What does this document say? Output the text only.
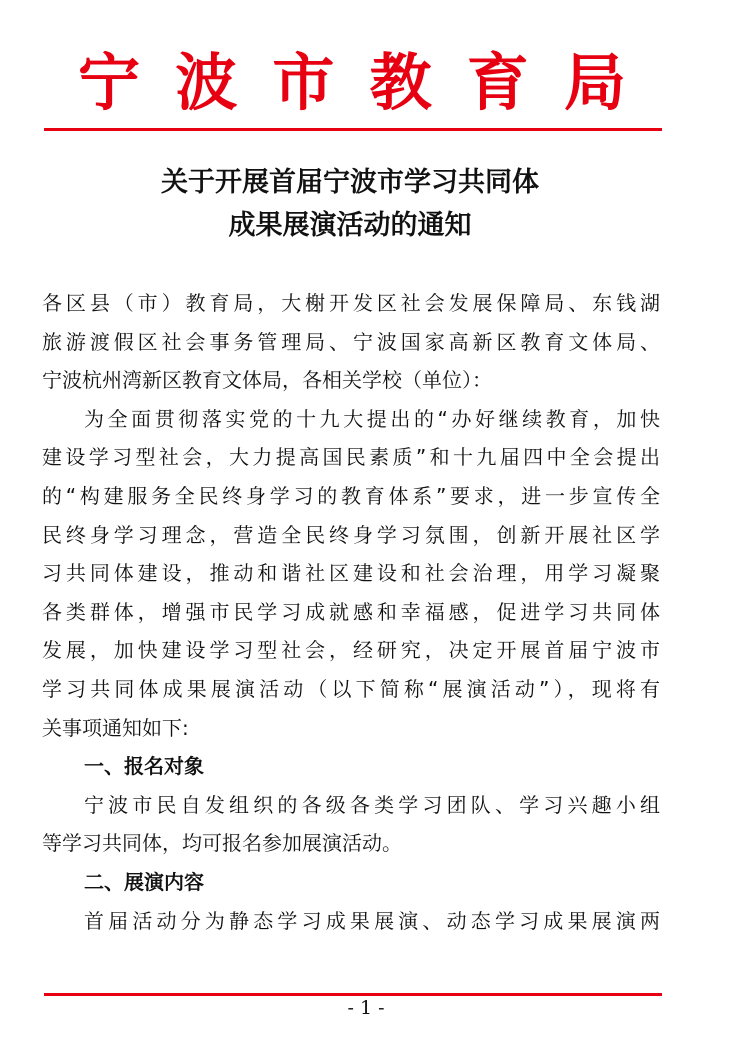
宁 波 市 教 育 局
关于开展首届宁波市学习共同体
成果展演活动的通知
各区县（市）教育局，大榭开发区社会发展保障局、东钱湖
旅游渡假区社会事务管理局、宁波国家高新区教育文体局、
宁波杭州湾新区教育文体局，各相关学校（单位）：
为全面贯彻落实党的十九大提出的“办好继续教育，加快
建设学习型社会，大力提高国民素质”和十九届四中全会提出
的“构建服务全民终身学习的教育体系”要求，进一步宣传全
民终身学习理念，营造全民终身学习氛围，创新开展社区学
习共同体建设，推动和谐社区建设和社会治理，用学习凝聚
各类群体，增强市民学习成就感和幸福感，促进学习共同体
发展，加快建设学习型社会，经研究，决定开展首届宁波市
学习共同体成果展演活动（以下简称“展演活动”），现将有
关事项通知如下:
一、报名对象
宁波市民自发组织的各级各类学习团队、学习兴趣小组
等学习共同体，均可报名参加展演活动。
二、展演内容
首届活动分为静态学习成果展演、动态学习成果展演两
- 1 -
